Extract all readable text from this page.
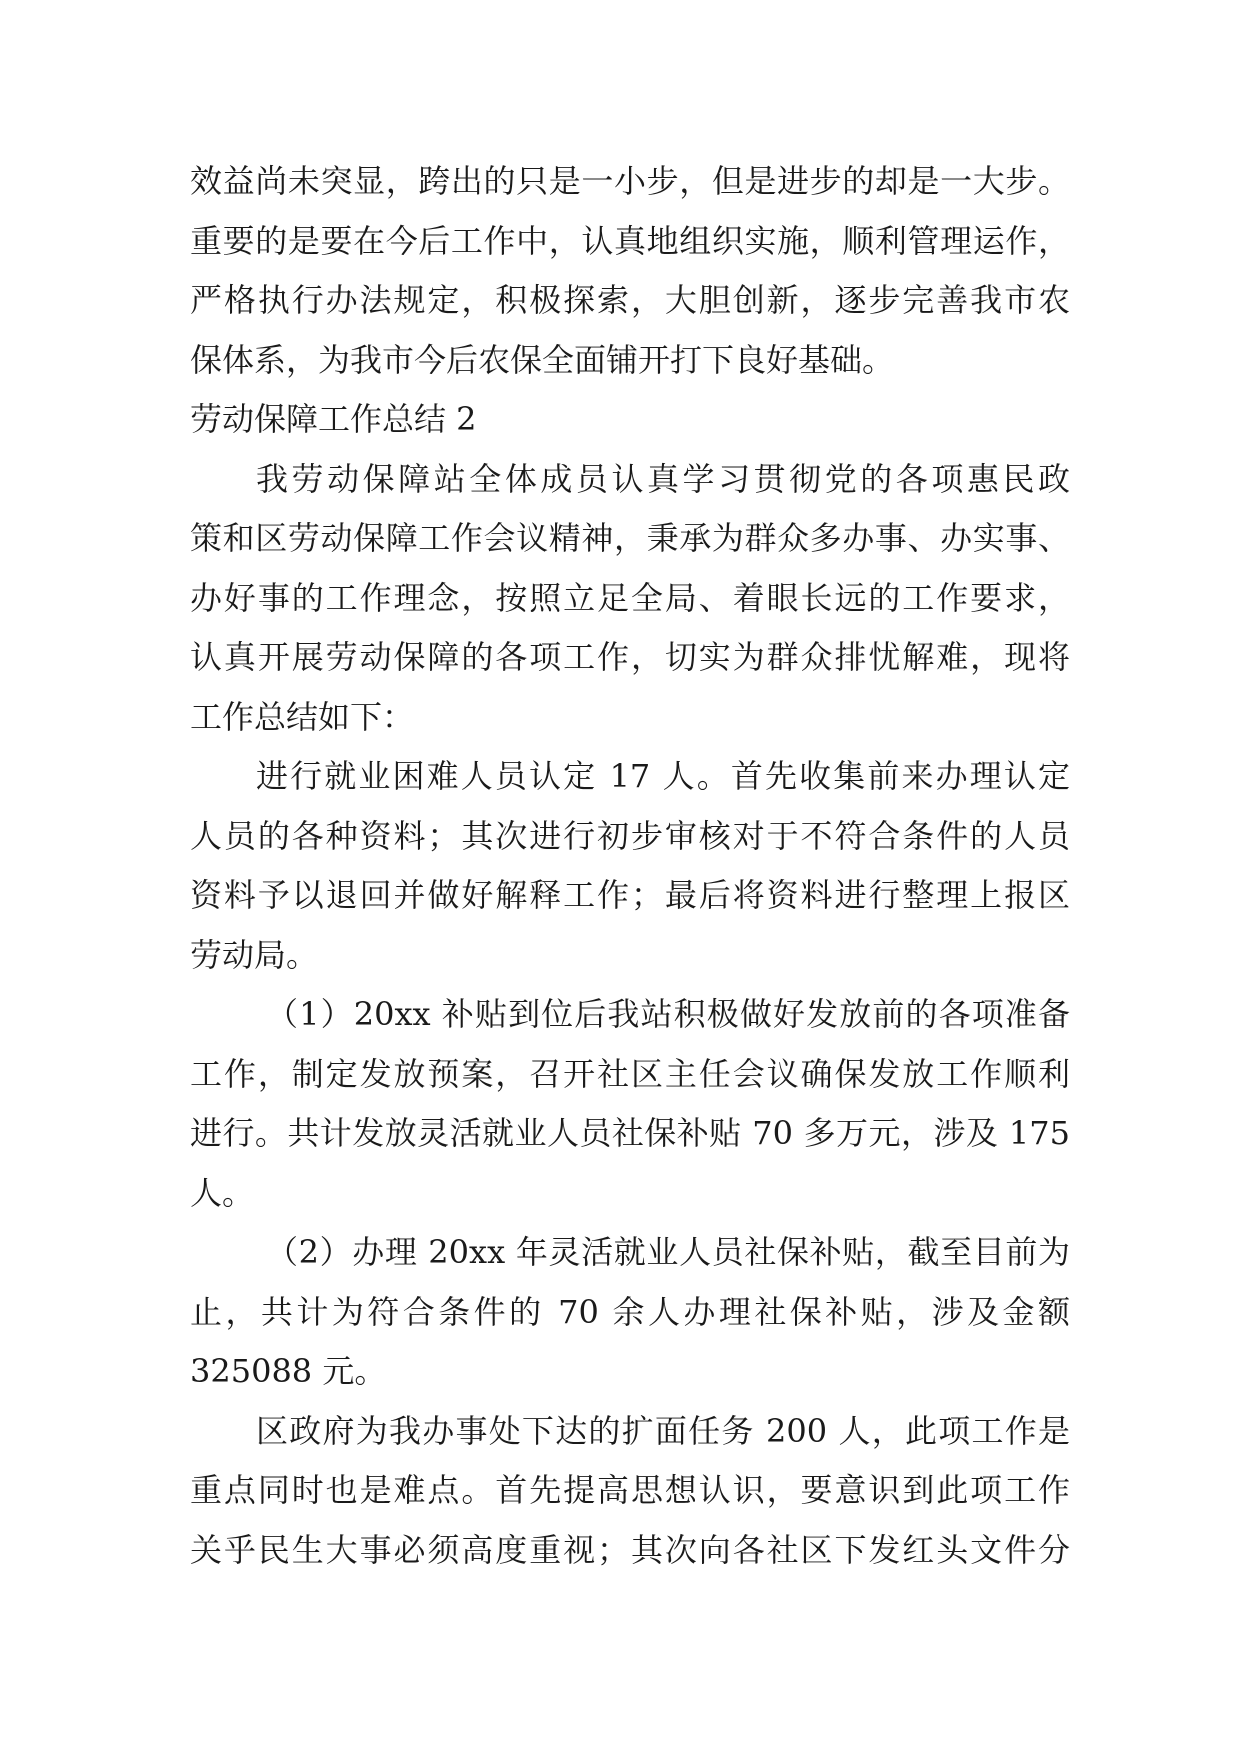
效益尚未突显，跨出的只是一小步，但是进步的却是一大步。
重要的是要在今后工作中，认真地组织实施，顺利管理运作，
严格执行办法规定，积极探索，大胆创新，逐步完善我市农
保体系，为我市今后农保全面铺开打下良好基础。
劳动保障工作总结 2
我劳动保障站全体成员认真学习贯彻党的各项惠民政
策和区劳动保障工作会议精神，秉承为群众多办事、办实事、
办好事的工作理念，按照立足全局、着眼长远的工作要求，
认真开展劳动保障的各项工作，切实为群众排忧解难，现将
工作总结如下：
进行就业困难人员认定 17 人。首先收集前来办理认定
人员的各种资料；其次进行初步审核对于不符合条件的人员
资料予以退回并做好解释工作；最后将资料进行整理上报区
劳动局。
（1）20xx 补贴到位后我站积极做好发放前的各项准备
工作，制定发放预案，召开社区主任会议确保发放工作顺利
进行。共计发放灵活就业人员社保补贴 70 多万元，涉及 175
人。
（2）办理 20xx 年灵活就业人员社保补贴，截至目前为
止，共计为符合条件的 70 余人办理社保补贴，涉及金额
325088 元。
区政府为我办事处下达的扩面任务 200 人，此项工作是
重点同时也是难点。首先提高思想认识，要意识到此项工作
关乎民生大事必须高度重视；其次向各社区下发红头文件分
